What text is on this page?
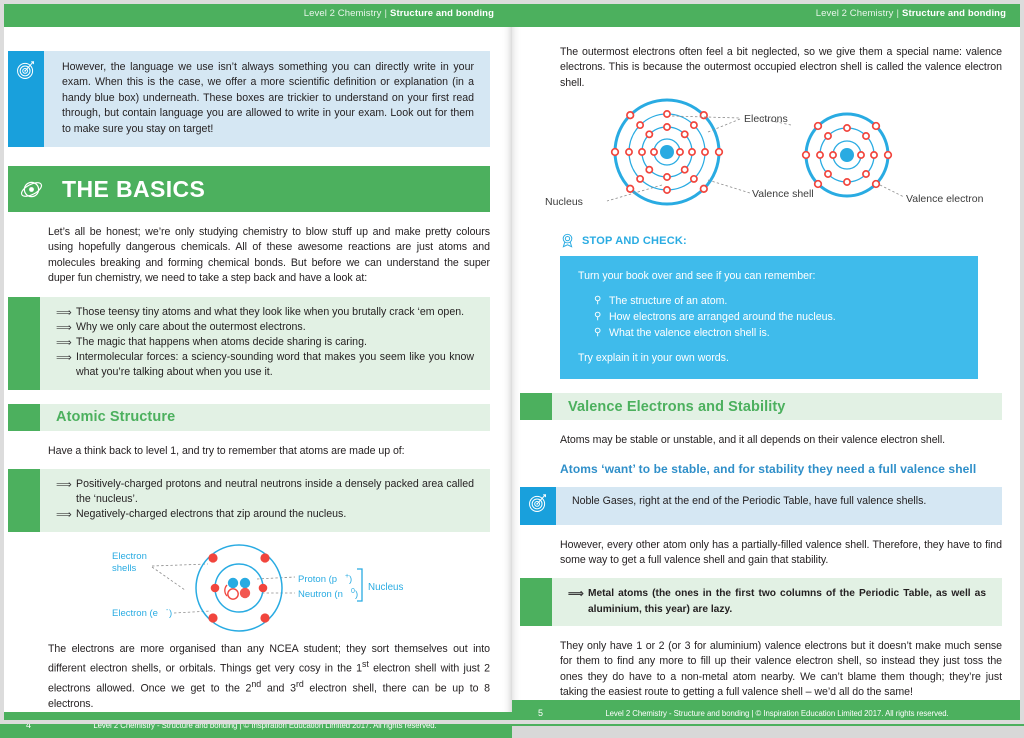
Level 2 Chemistry | Structure and bonding
However, the language we use isn’t always something you can directly write in your exam. When this is the case, we offer a more scientific definition or explanation (in a handy blue box) underneath. These boxes are trickier to understand on your first read through, but contain language you are allowed to write in your exam. Look out for them to make sure you stay on target!
THE BASICS

Let’s all be honest; we’re only studying chemistry to blow stuff up and make pretty colours using hopefully dangerous chemicals. All of these awesome reactions are just atoms and molecules breaking and forming chemical bonds. But before we can understand the super duper fun chemistry, we need to take a step back and have a look at:

⟹ Those teensy tiny atoms and what they look like when you brutally crack ‘em open.
⟹ Why we only care about the outermost electrons.
⟹ The magic that happens when atoms decide sharing is caring.
⟹ Intermolecular forces: a sciency-sounding word that makes you seem like you know what you’re talking about when you use it.
Atomic Structure

Have a think back to level 1, and try to remember that atoms are made up of:

⟹ Positively-charged protons and neutral neutrons inside a densely packed area called the ‘nucleus’.
⟹ Negatively-charged electrons that zip around the nucleus.
Electron
shells
Electron (e - )
Proton (p + )
Neutron (n 0 )
Nucleus

The electrons are more organised than any NCEA student; they sort themselves out into different electron shells, or orbitals. Things get very cosy in the 1st electron shell with just 2 electrons allowed. Once we get to the 2nd and 3rd electron shell, there can be up to 8 electrons.

4	Level 2 Chemistry - Structure and bonding | © Inspiration Education Limited 2017. All rights reserved.
Level 2 Chemistry | Structure and bonding

The outermost electrons often feel a bit neglected, so we give them a special name: valence electrons. This is because the outermost occupied electron shell is called the valence electron shell.

Electrons
Nucleus
Valence shell	Valence electron
STOP AND CHECK:
Turn your book over and see if you can remember:
⚲ The structure of an atom.
⚲ How electrons are arranged around the nucleus.
⚲ What the valence electron shell is.
Try explain it in your own words.
Valence Electrons and Stability

Atoms may be stable or unstable, and it all depends on their valence electron shell.

Atoms ‘want’ to be stable, and for stability they need a full valence shell
Noble Gases, right at the end of the Periodic Table, have full valence shells.

However, every other atom only has a partially-filled valence shell. Therefore, they have to find some way to get a full valence shell and gain that stability.

⟹ Metal atoms (the ones in the first two columns of the Periodic Table, as well as aluminium, this year) are lazy.

They only have 1 or 2 (or 3 for aluminium) valence electrons but it doesn’t make much sense for them to find any more to fill up their valence electron shell, so instead they just toss the ones they do have to a non-metal atom nearby. We can’t blame them though; they’re just taking the easiest route to getting a full valence shell – we’d all do the same!

5	Level 2 Chemistry - Structure and bonding | © Inspiration Education Limited 2017. All rights reserved.
